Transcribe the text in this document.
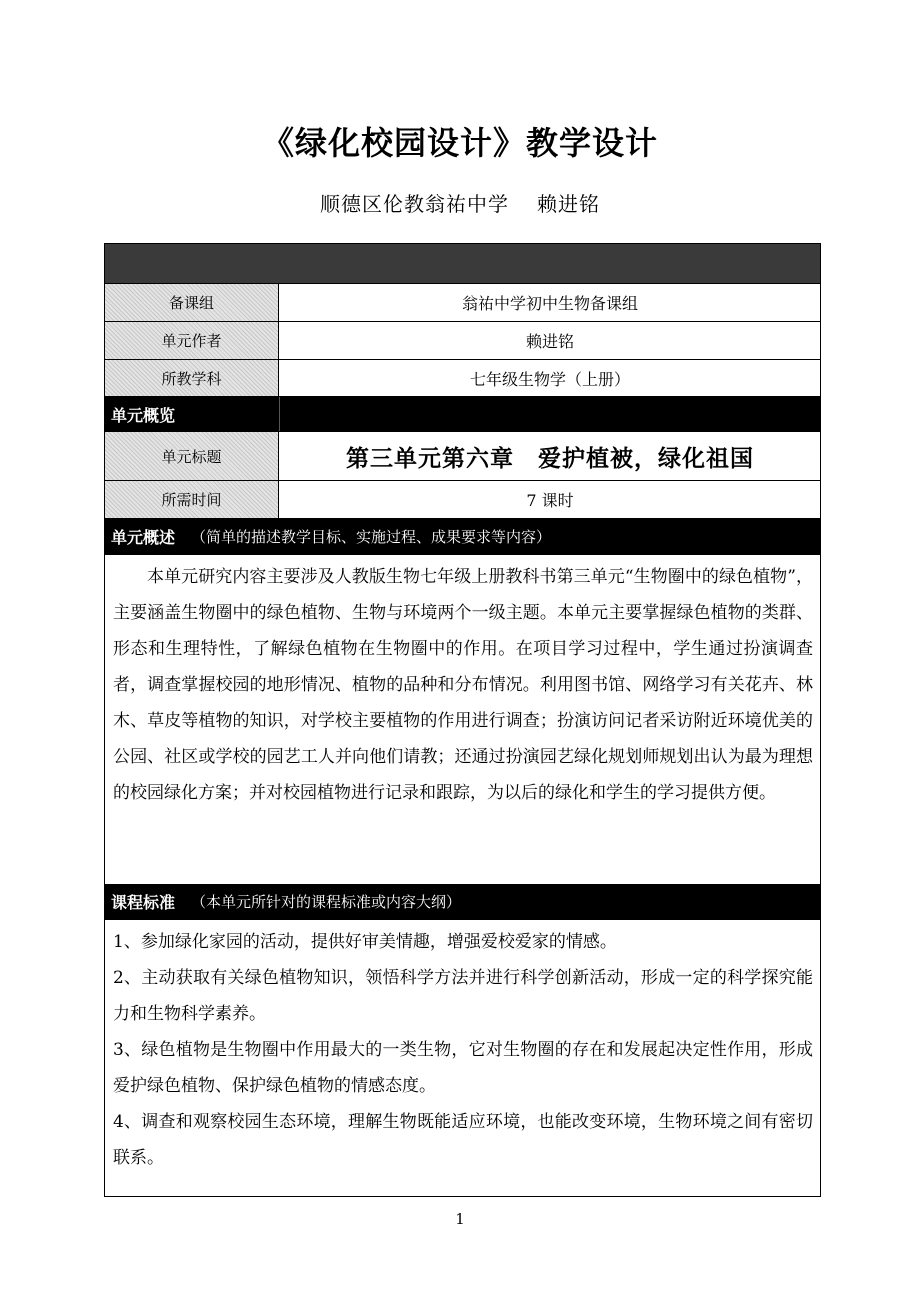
《绿化校园设计》教学设计
顺德区伦教翁祐中学 赖进铭
备课组	翁祐中学初中生物备课组
单元作者	赖进铭
所教学科	七年级生物学（上册）
单元概览
单元标题	第三单元第六章　爱护植被，绿化祖国
所需时间	7 课时
单元概述 （简单的描述教学目标、实施过程、成果要求等内容）
本单元研究内容主要涉及人教版生物七年级上册教科书第三单元“生物圈中的绿色植物”，主要涵盖生物圈中的绿色植物、生物与环境两个一级主题。本单元主要掌握绿色植物的类群、形态和生理特性，了解绿色植物在生物圈中的作用。在项目学习过程中，学生通过扮演调查者，调查掌握校园的地形情况、植物的品种和分布情况。利用图书馆、网络学习有关花卉、林木、草皮等植物的知识，对学校主要植物的作用进行调查；扮演访问记者采访附近环境优美的公园、社区或学校的园艺工人并向他们请教；还通过扮演园艺绿化规划师规划出认为最为理想的校园绿化方案；并对校园植物进行记录和跟踪，为以后的绿化和学生的学习提供方便。
课程标准 （本单元所针对的课程标准或内容大纲）
1、参加绿化家园的活动，提供好审美情趣，增强爱校爱家的情感。
2、主动获取有关绿色植物知识，领悟科学方法并进行科学创新活动，形成一定的科学探究能力和生物科学素养。
3、绿色植物是生物圈中作用最大的一类生物，它对生物圈的存在和发展起决定性作用，形成爱护绿色植物、保护绿色植物的情感态度。
4、调查和观察校园生态环境，理解生物既能适应环境，也能改变环境，生物环境之间有密切联系。
1
